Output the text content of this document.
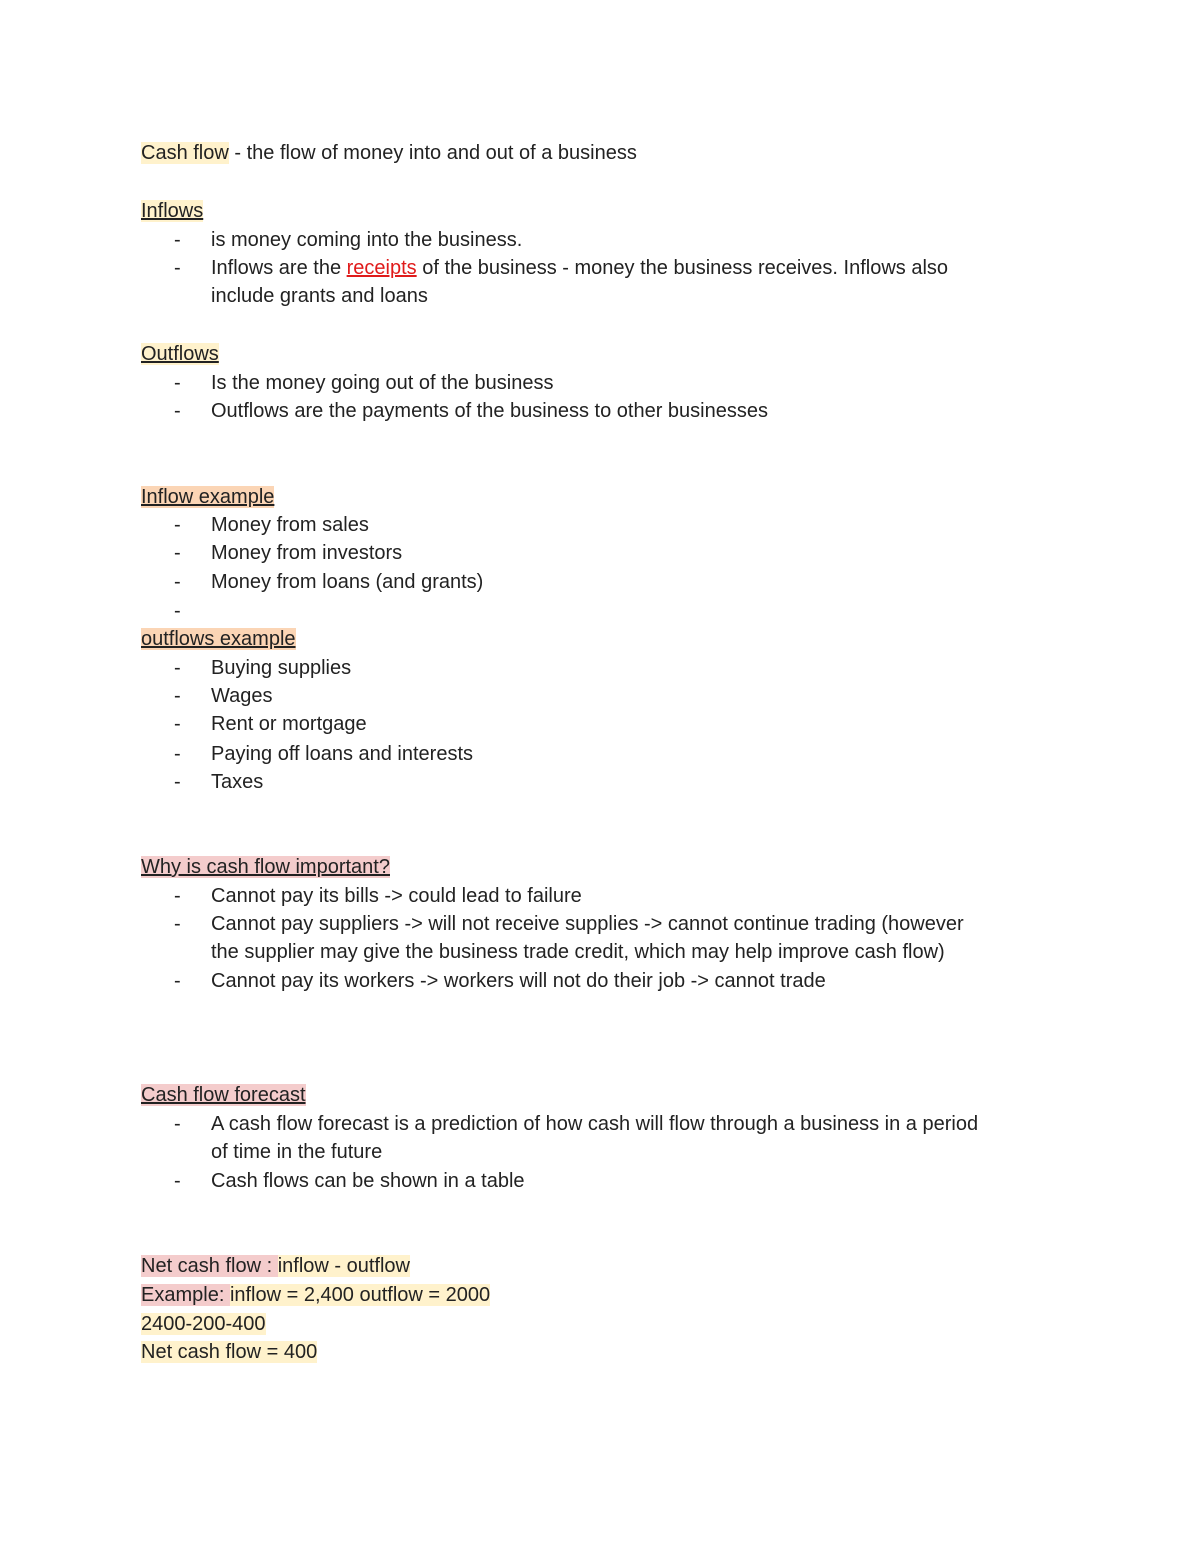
Cash flow - the flow of money into and out of a business
Inflows
- is money coming into the business.
- Inflows are the receipts of the business - money the business receives. Inflows also
include grants and loans
Outflows
- Is the money going out of the business
- Outflows are the payments of the business to other businesses
Inflow example
- Money from sales
- Money from investors
- Money from loans (and grants)
-
outflows example
- Buying supplies
- Wages
- Rent or mortgage
- Paying off loans and interests
- Taxes
Why is cash flow important?
- Cannot pay its bills -> could lead to failure
- Cannot pay suppliers -> will not receive supplies -> cannot continue trading (however
the supplier may give the business trade credit, which may help improve cash flow)
- Cannot pay its workers -> workers will not do their job -> cannot trade
Cash flow forecast
- A cash flow forecast is a prediction of how cash will flow through a business in a period
of time in the future
- Cash flows can be shown in a table
Net cash flow : inflow - outflow
Example: inflow = 2,400 outflow = 2000
2400-200-400
Net cash flow = 400
